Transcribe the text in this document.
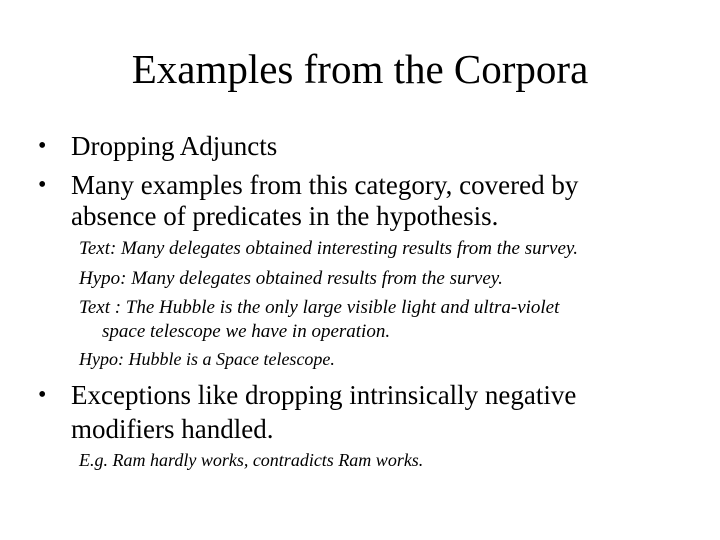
Examples from the Corpora
• Dropping Adjuncts
• Many examples from this category, covered by
absence of predicates in the hypothesis.
Text: Many delegates obtained interesting results from the survey.
Hypo: Many delegates obtained results from the survey.
Text : The Hubble is the only large visible light and ultra-violet
space telescope we have in operation.
Hypo: Hubble is a Space telescope.
• Exceptions like dropping intrinsically negative
modifiers handled.
E.g. Ram hardly works, contradicts Ram works.
